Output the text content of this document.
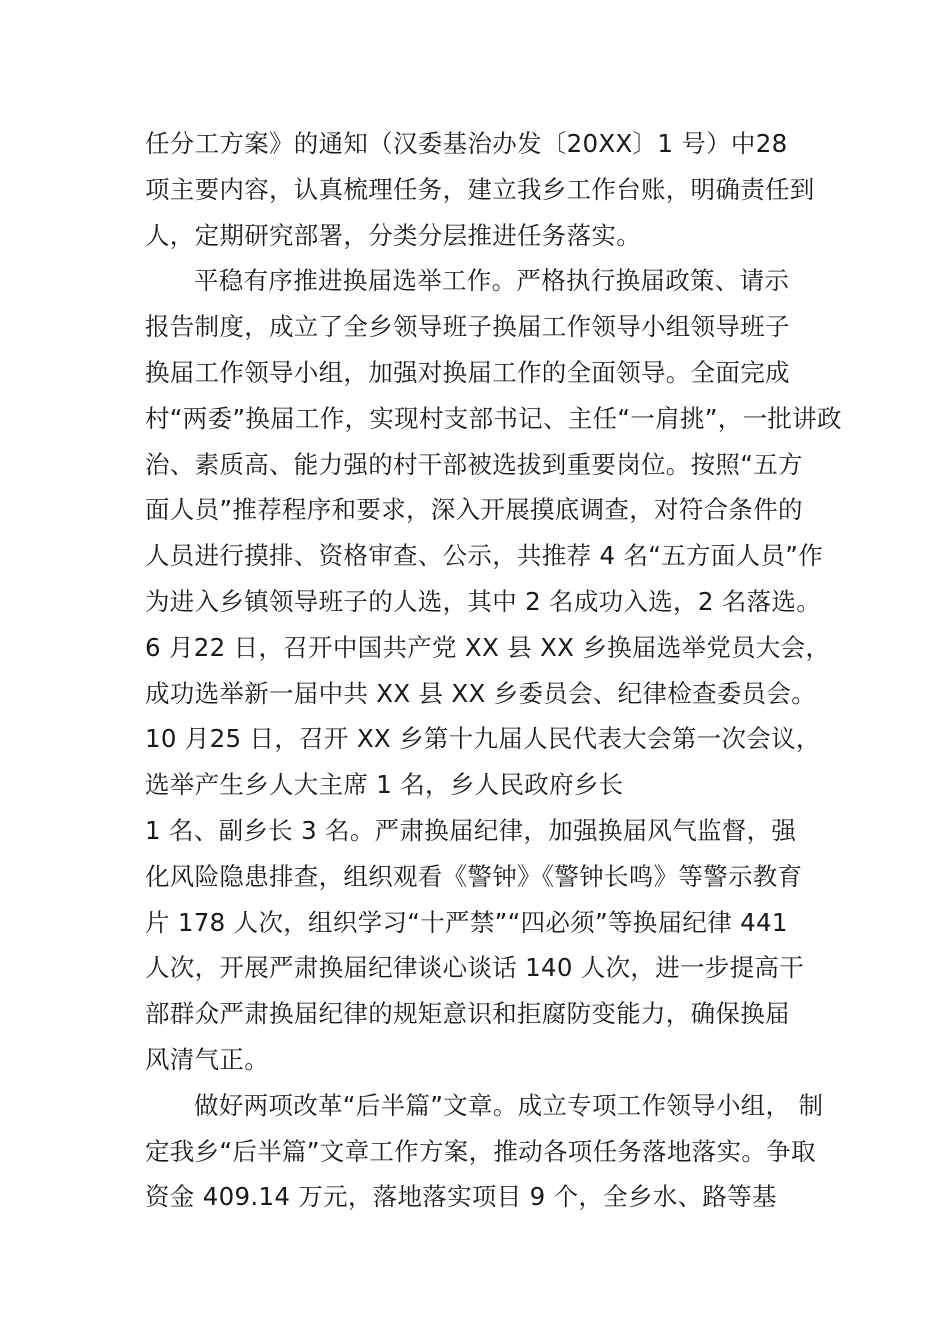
任分工方案》的通知（汉委基治办发〔20XX〕1 号）中28
项主要内容，认真梳理任务，建立我乡工作台账，明确责任到
人，定期研究部署，分类分层推进任务落实。
平稳有序推进换届选举工作。严格执行换届政策、请示
报告制度，成立了全乡领导班子换届工作领导小组领导班子
换届工作领导小组，加强对换届工作的全面领导。全面完成
村“两委”换届工作，实现村支部书记、主任“一肩挑”，一批讲政
治、素质高、能力强的村干部被选拔到重要岗位。按照“五方
面人员”推荐程序和要求，深入开展摸底调查，对符合条件的
人员进行摸排、资格审查、公示，共推荐 4 名“五方面人员”作
为进入乡镇领导班子的人选，其中 2 名成功入选，2 名落选。
6 月22 日，召开中国共产党 XX 县 XX 乡换届选举党员大会，
成功选举新一届中共 XX 县 XX 乡委员会、纪律检查委员会。
10 月25 日，召开 XX 乡第十九届人民代表大会第一次会议，
选举产生乡人大主席 1 名，乡人民政府乡长
1 名、副乡长 3 名。严肃换届纪律，加强换届风气监督，强
化风险隐患排查，组织观看《警钟》《警钟长鸣》等警示教育
片 178 人次，组织学习“十严禁”“四必须”等换届纪律 441
人次，开展严肃换届纪律谈心谈话 140 人次，进一步提高干
部群众严肃换届纪律的规矩意识和拒腐防变能力，确保换届
风清气正。
做好两项改革“后半篇”文章。成立专项工作领导小组， 制
定我乡“后半篇”文章工作方案，推动各项任务落地落实。争取
资金 409.14 万元，落地落实项目 9 个，全乡水、路等基
